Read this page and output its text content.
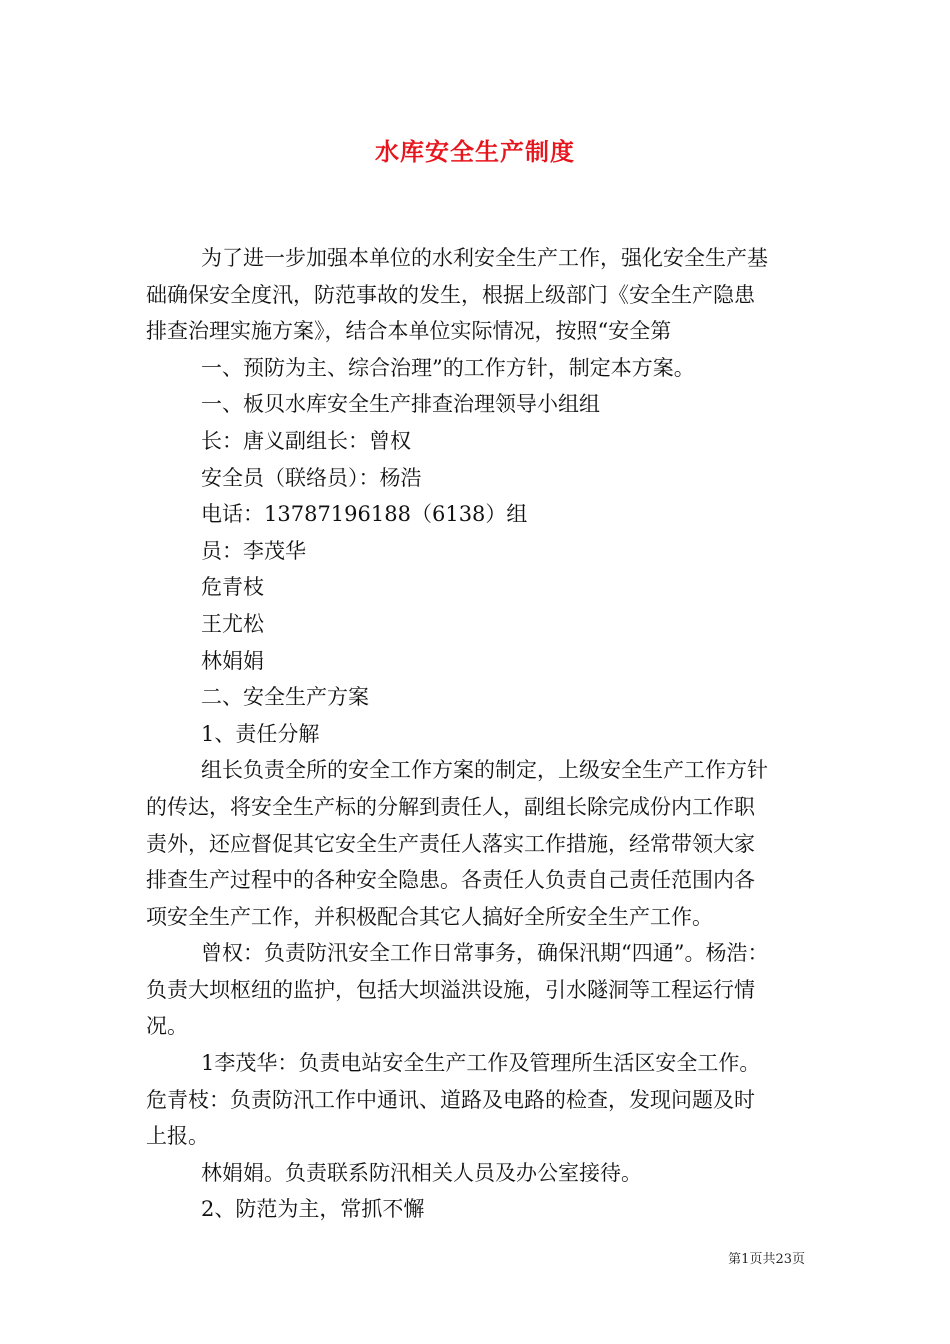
水库安全生产制度
为了进一步加强本单位的水利安全生产工作，强化安全生产基
础确保安全度汛，防范事故的发生，根据上级部门《安全生产隐患
排查治理实施方案》，结合本单位实际情况，按照“安全第
一、预防为主、综合治理”的工作方针，制定本方案。
一、板贝水库安全生产排查治理领导小组组
长：唐义副组长：曾权
安全员（联络员）：杨浩
电话：13787196188（6138）组
员：李茂华
危青枝
王尤松
林娟娟
二、安全生产方案
1、责任分解
组长负责全所的安全工作方案的制定，上级安全生产工作方针
的传达，将安全生产标的分解到责任人，副组长除完成份内工作职
责外，还应督促其它安全生产责任人落实工作措施，经常带领大家
排查生产过程中的各种安全隐患。各责任人负责自己责任范围内各
项安全生产工作，并积极配合其它人搞好全所安全生产工作。
曾权：负责防汛安全工作日常事务，确保汛期“四通”。杨浩：
负责大坝枢纽的监护，包括大坝溢洪设施，引水隧洞等工程运行情
况。
1李茂华：负责电站安全生产工作及管理所生活区安全工作。
危青枝：负责防汛工作中通讯、道路及电路的检查，发现问题及时
上报。
林娟娟。负责联系防汛相关人员及办公室接待。
2、防范为主，常抓不懈
第1页共23页
